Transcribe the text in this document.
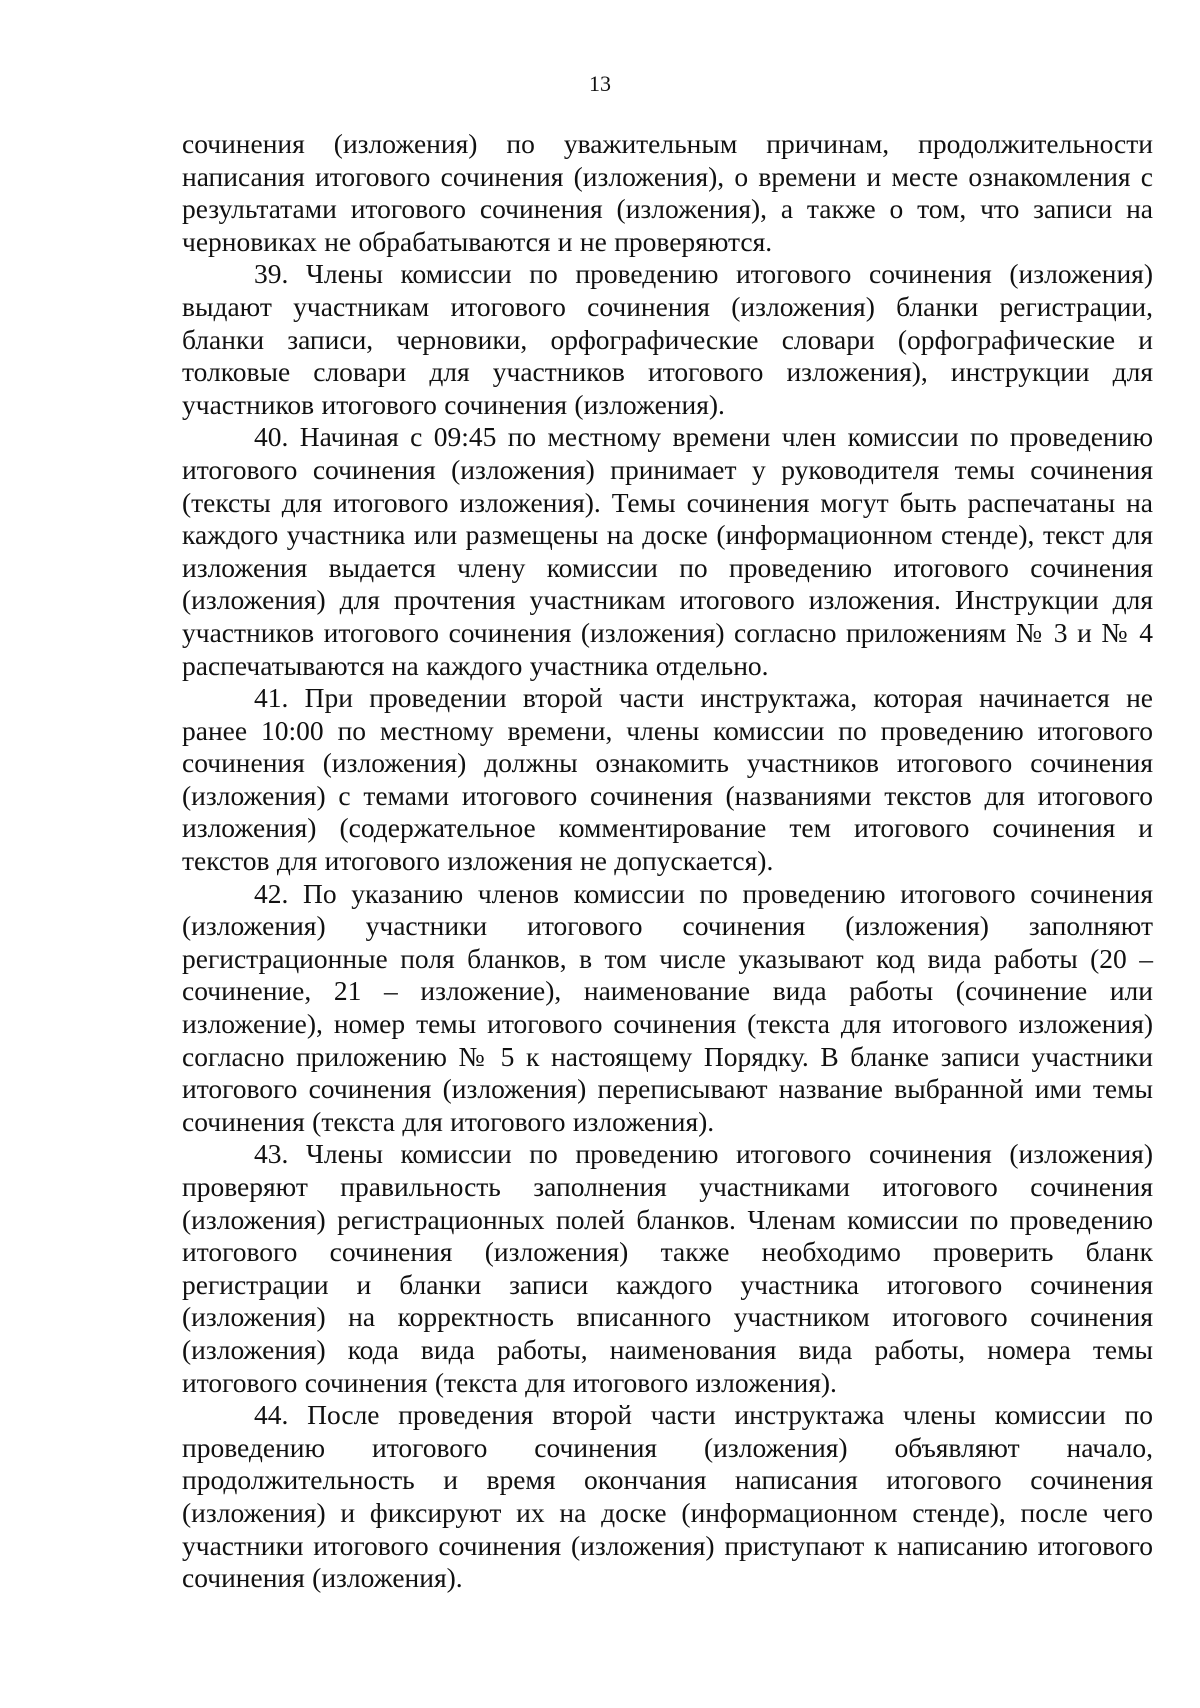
13

сочинения (изложения) по уважительным причинам, продолжительности написания итогового сочинения (изложения), о времени и месте ознакомления с результатами итогового сочинения (изложения), а также о том, что записи на черновиках не обрабатываются и не проверяются.

39. Члены комиссии по проведению итогового сочинения (изложения) выдают участникам итогового сочинения (изложения) бланки регистрации, бланки записи, черновики, орфографические словари (орфографические и толковые словари для участников итогового изложения), инструкции для участников итогового сочинения (изложения).

40. Начиная с 09:45 по местному времени член комиссии по проведению итогового сочинения (изложения) принимает у руководителя темы сочинения (тексты для итогового изложения). Темы сочинения могут быть распечатаны на каждого участника или размещены на доске (информационном стенде), текст для изложения выдается члену комиссии по проведению итогового сочинения (изложения) для прочтения участникам итогового изложения. Инструкции для участников итогового сочинения (изложения) согласно приложениям № 3 и № 4 распечатываются на каждого участника отдельно.

41. При проведении второй части инструктажа, которая начинается не ранее 10:00 по местному времени, члены комиссии по проведению итогового сочинения (изложения) должны ознакомить участников итогового сочинения (изложения) с темами итогового сочинения (названиями текстов для итогового изложения) (содержательное комментирование тем итогового сочинения и текстов для итогового изложения не допускается).

42. По указанию членов комиссии по проведению итогового сочинения (изложения) участники итогового сочинения (изложения) заполняют регистрационные поля бланков, в том числе указывают код вида работы (20 – сочинение, 21 – изложение), наименование вида работы (сочинение или изложение), номер темы итогового сочинения (текста для итогового изложения) согласно приложению № 5 к настоящему Порядку. В бланке записи участники итогового сочинения (изложения) переписывают название выбранной ими темы сочинения (текста для итогового изложения).

43. Члены комиссии по проведению итогового сочинения (изложения) проверяют правильность заполнения участниками итогового сочинения (изложения) регистрационных полей бланков. Членам комиссии по проведению итогового сочинения (изложения) также необходимо проверить бланк регистрации и бланки записи каждого участника итогового сочинения (изложения) на корректность вписанного участником итогового сочинения (изложения) кода вида работы, наименования вида работы, номера темы итогового сочинения (текста для итогового изложения).

44. После проведения второй части инструктажа члены комиссии по проведению итогового сочинения (изложения) объявляют начало, продолжительность и время окончания написания итогового сочинения (изложения) и фиксируют их на доске (информационном стенде), после чего участники итогового сочинения (изложения) приступают к написанию итогового сочинения (изложения).
